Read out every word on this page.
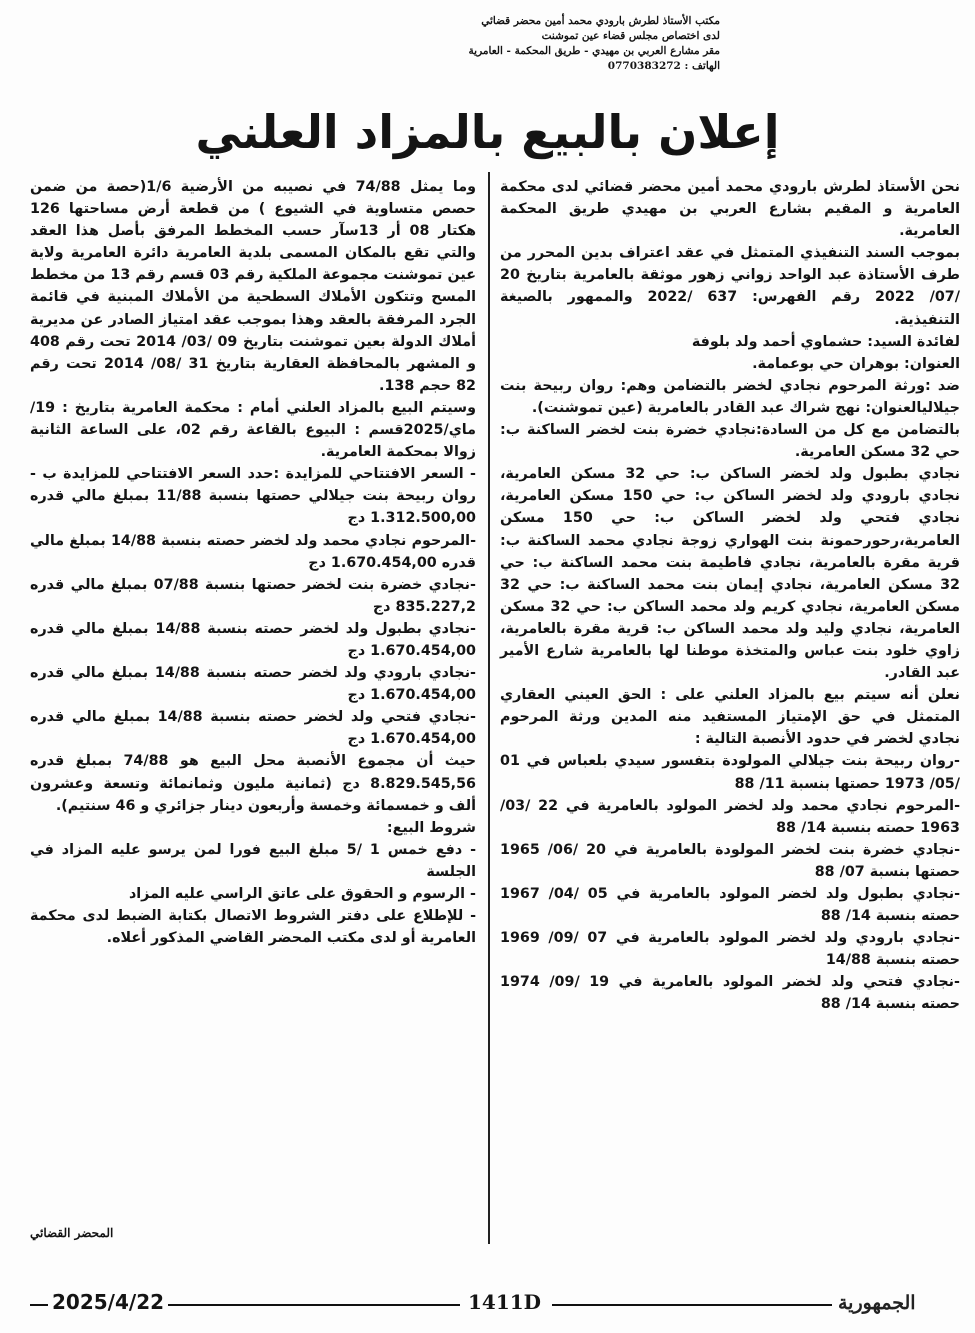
مكتب الأستاذ لطرش بارودي محمد أمين محضر قضائي
لدى اختصاص مجلس قضاء عين تموشنت
مقر مشارع العربي بن مهيدي - طريق المحكمة - العامرية
الهاتف : 0770383272
إعلان بالبيع بالمزاد العلني

نحن الأستاذ لطرش بارودي محمد أمين محضر قضائي لدى محكمة العامرية و المقيم بشارع العربي بن مهيدي طريق المحكمة العامرية.

بموجب السند التنفيذي المتمثل في عقد اعتراف بدين المحرر من طرف الأستاذة عبد الواحد زواني زهور موثقة بالعامرية بتاريخ 20 /07/ 2022 رقم الفهرس: 637 /2022 والممهور بالصيغة التنفيذية.

لفائدة السيد: حشماوي أحمد ولد بلوفة

العنوان: بوهران حي بوعمامة.

ضد :ورثة المرحوم نجادي لخضر بالتضامن وهم: روان ربيحة بنت جيلاليالعنوان: نهج شراك عبد القادر بالعامرية (عين تموشنت).

بالتضامن مع كل من السادة:نجادي خضرة بنت لخضر الساكنة ب: حي 32 مسكن العامرية.

نجادي بطبول ولد لخضر الساكن ب: حي 32 مسكن العامرية، نجادي بارودي ولد لخضر الساكن ب: حي 150 مسكن العامرية، نجادي فتحي ولد لخضر الساكن ب: حي 150 مسكن العامرية،رحورحمونة بنت الهواري زوجة نجادي محمد الساكنة ب: قرية مقرة بالعامرية، نجادي فاطيمة بنت محمد الساكنة ب: حي 32 مسكن العامرية، نجادي إيمان بنت محمد الساكنة ب: حي 32 مسكن العامرية، نجادي كريم ولد محمد الساكن ب: حي 32 مسكن العامرية، نجادي وليد ولد محمد الساكن ب: قرية مقرة بالعامرية، زاوي خلود بنت عباس والمتخذة موطنا لها بالعامرية شارع الأمير عبد القادر.

نعلن أنه سيتم بيع بالمزاد العلني على : الحق العيني العقاري المتمثل في حق الإمتياز المستفيد منه المدين ورثة المرحوم نجادي لخضر في حدود الأنصبة التالية :

-روان ربيحة بنت جيلالي المولودة بتفسور سيدي بلعباس في 01 /05/ 1973 حصتها بنسبة 11/ 88

-المرحوم نجادي محمد ولد لخضر المولود بالعامرية في 22 /03/ 1963 حصته بنسبة 14/ 88

-نجادي خضرة بنت لخضر المولودة بالعامرية في 20 /06/ 1965 حصتها بنسبة 07/ 88

-نجادي بطبول ولد لخضر المولود بالعامرية في 05 /04/ 1967 حصته بنسبة 14/ 88

-نجادي بارودي ولد لخضر المولود بالعامرية في 07 /09/ 1969 حصته بنسبة 14/88

-نجادي فتحي ولد لخضر المولود بالعامرية في 19 /09/ 1974 حصته بنسبة 14/ 88

وما يمثل 74/88 في نصيبه من الأرضية 1/6(حصة من ضمن حصص متساوية في الشيوع ) من قطعة أرض مساحتها 126 هكتار 08 أر 13سآر حسب المخطط المرفق بأصل هذا العقد والتي تقع بالمكان المسمى بلدية العامرية دائرة العامرية ولاية عين تموشنت مجموعة الملكية رقم 03 قسم رقم 13 من مخطط المسح وتتكون الأملاك السطحية من الأملاك المبنية في قائمة الجرد المرفقة بالعقد وهذا بموجب عقد امتياز الصادر عن مديرية أملاك الدولة بعين تموشنت بتاريخ 09 /03/ 2014 تحت رقم 408 و المشهر بالمحافظة العقارية بتاريخ 31 /08/ 2014 تحت رقم 82 حجم 138.

وسيتم البيع بالمزاد العلني أمام : محكمة العامرية بتاريخ : 19/ماي/2025قسم : البيوع بالقاعة رقم 02، على الساعة الثانية زوالا بمحكمة العامرية.

- السعر الافتتاحي للمزايدة :حدد السعر الافتتاحي للمزايدة ب - روان ربيحة بنت جيلالي حصتها بنسبة 11/88 بمبلغ مالي قدره 1.312.500,00 دج

-المرحوم نجادي محمد ولد لخضر حصته بنسبة 14/88 بمبلغ مالي قدره 1.670.454,00 دج

-نجادي خضرة بنت لخضر حصتها بنسبة 07/88 بمبلغ مالي قدره 835.227,2 دج

-نجادي بطبول ولد لخضر حصته بنسبة 14/88 بمبلغ مالي قدره 1.670.454,00 دج

-نجادي بارودي ولد لخضر حصته بنسبة 14/88 بمبلغ مالي قدره 1.670.454,00 دج

-نجادي فتحي ولد لخضر حصته بنسبة 14/88 بمبلغ مالي قدره 1.670.454,00 دج

حيث أن مجموع الأنصبة محل البيع هو 74/88 بمبلغ قدره 8.829.545,56 دج (ثمانية مليون وثمانمائة وتسعة وعشرون ألف و خمسمائة وخمسة وأربعون دينار جزائري و 46 سنتيم).

شروط البيع:

- دفع خمس 1 /5 مبلغ البيع فورا لمن يرسو عليه المزاد في الجلسة

- الرسوم و الحقوق على عاتق الراسي عليه المزاد

- للإطلاع على دفتر الشروط الاتصال بكتابة الضبط لدى محكمة العامرية أو لدى مكتب المحضر القاضي المذكور أعلاه.

المحضر القضائي
2025/4/22	1411D	الجمهورية
